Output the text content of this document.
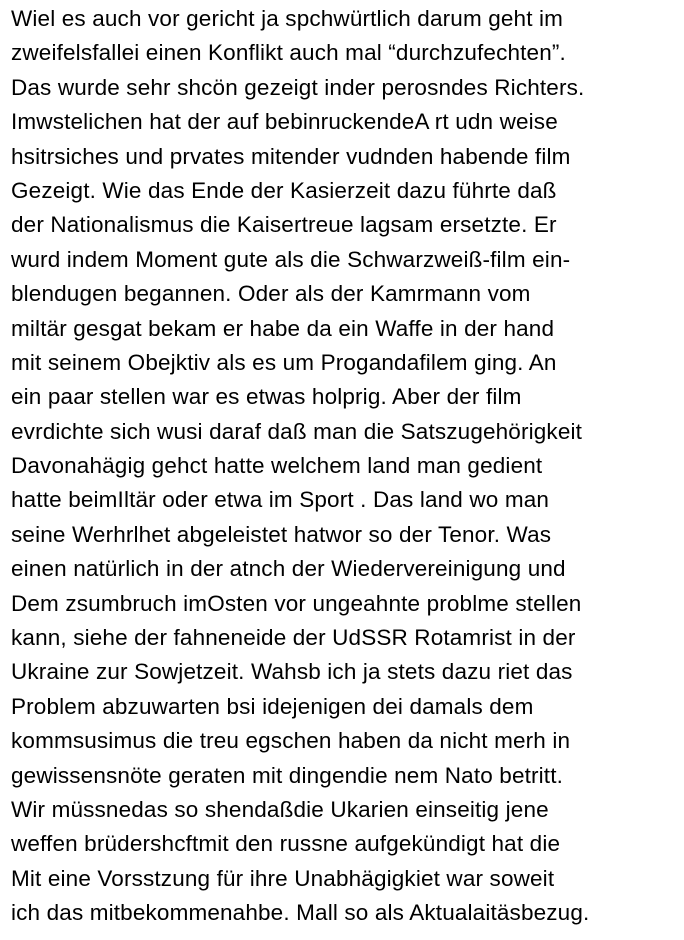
Wiel es auch vor gericht ja spchwürtlich darum geht im
zweifelsfallei einen Konflikt auch mal “durchzufechten”.
Das wurde sehr shcön gezeigt inder perosndes Richters.
Imwstelichen hat der auf bebinruckendeA rt udn weise
hsitrsiches und prvates mitender vudnden habende film
Gezeigt. Wie das Ende der Kasierzeit dazu führte daß
der Nationalismus die Kaisertreue lagsam ersetzte. Er
wurd indem Moment gute als die Schwarzweiß-film ein-
blendugen begannen. Oder als der Kamrmann vom
miltär gesgat bekam er habe da ein Waffe in der hand
mit seinem Obejktiv als es um Progandafilem ging. An
ein paar stellen war es etwas holprig. Aber der film
evrdichte sich wusi daraf daß man die Satszugehörigkeit
Davonahägig gehct hatte welchem land man gedient
hatte beimIltär oder etwa im Sport . Das land wo man
seine Werhrlhet abgeleistet hatwor so der Tenor. Was
einen natürlich in der atnch der Wiedervereinigung und
Dem zsumbruch imOsten vor ungeahnte problme stellen
kann, siehe der fahneneide der UdSSR Rotamrist in der
Ukraine zur Sowjetzeit. Wahsb ich ja stets dazu riet das
Problem abzuwarten bsi idejenigen dei damals dem
kommsusimus die treu egschen haben da nicht merh in
gewissensnöte geraten mit dingendie nem Nato betritt.
Wir müssnedas so shendaßdie Ukarien einseitig jene
weffen brüdershcftmit den russne aufgekündigt hat die
Mit eine Vorsstzung für ihre Unabhägigkiet war soweit
ich das mitbekommenahbe. Mall so als Aktualaitäsbezug.
